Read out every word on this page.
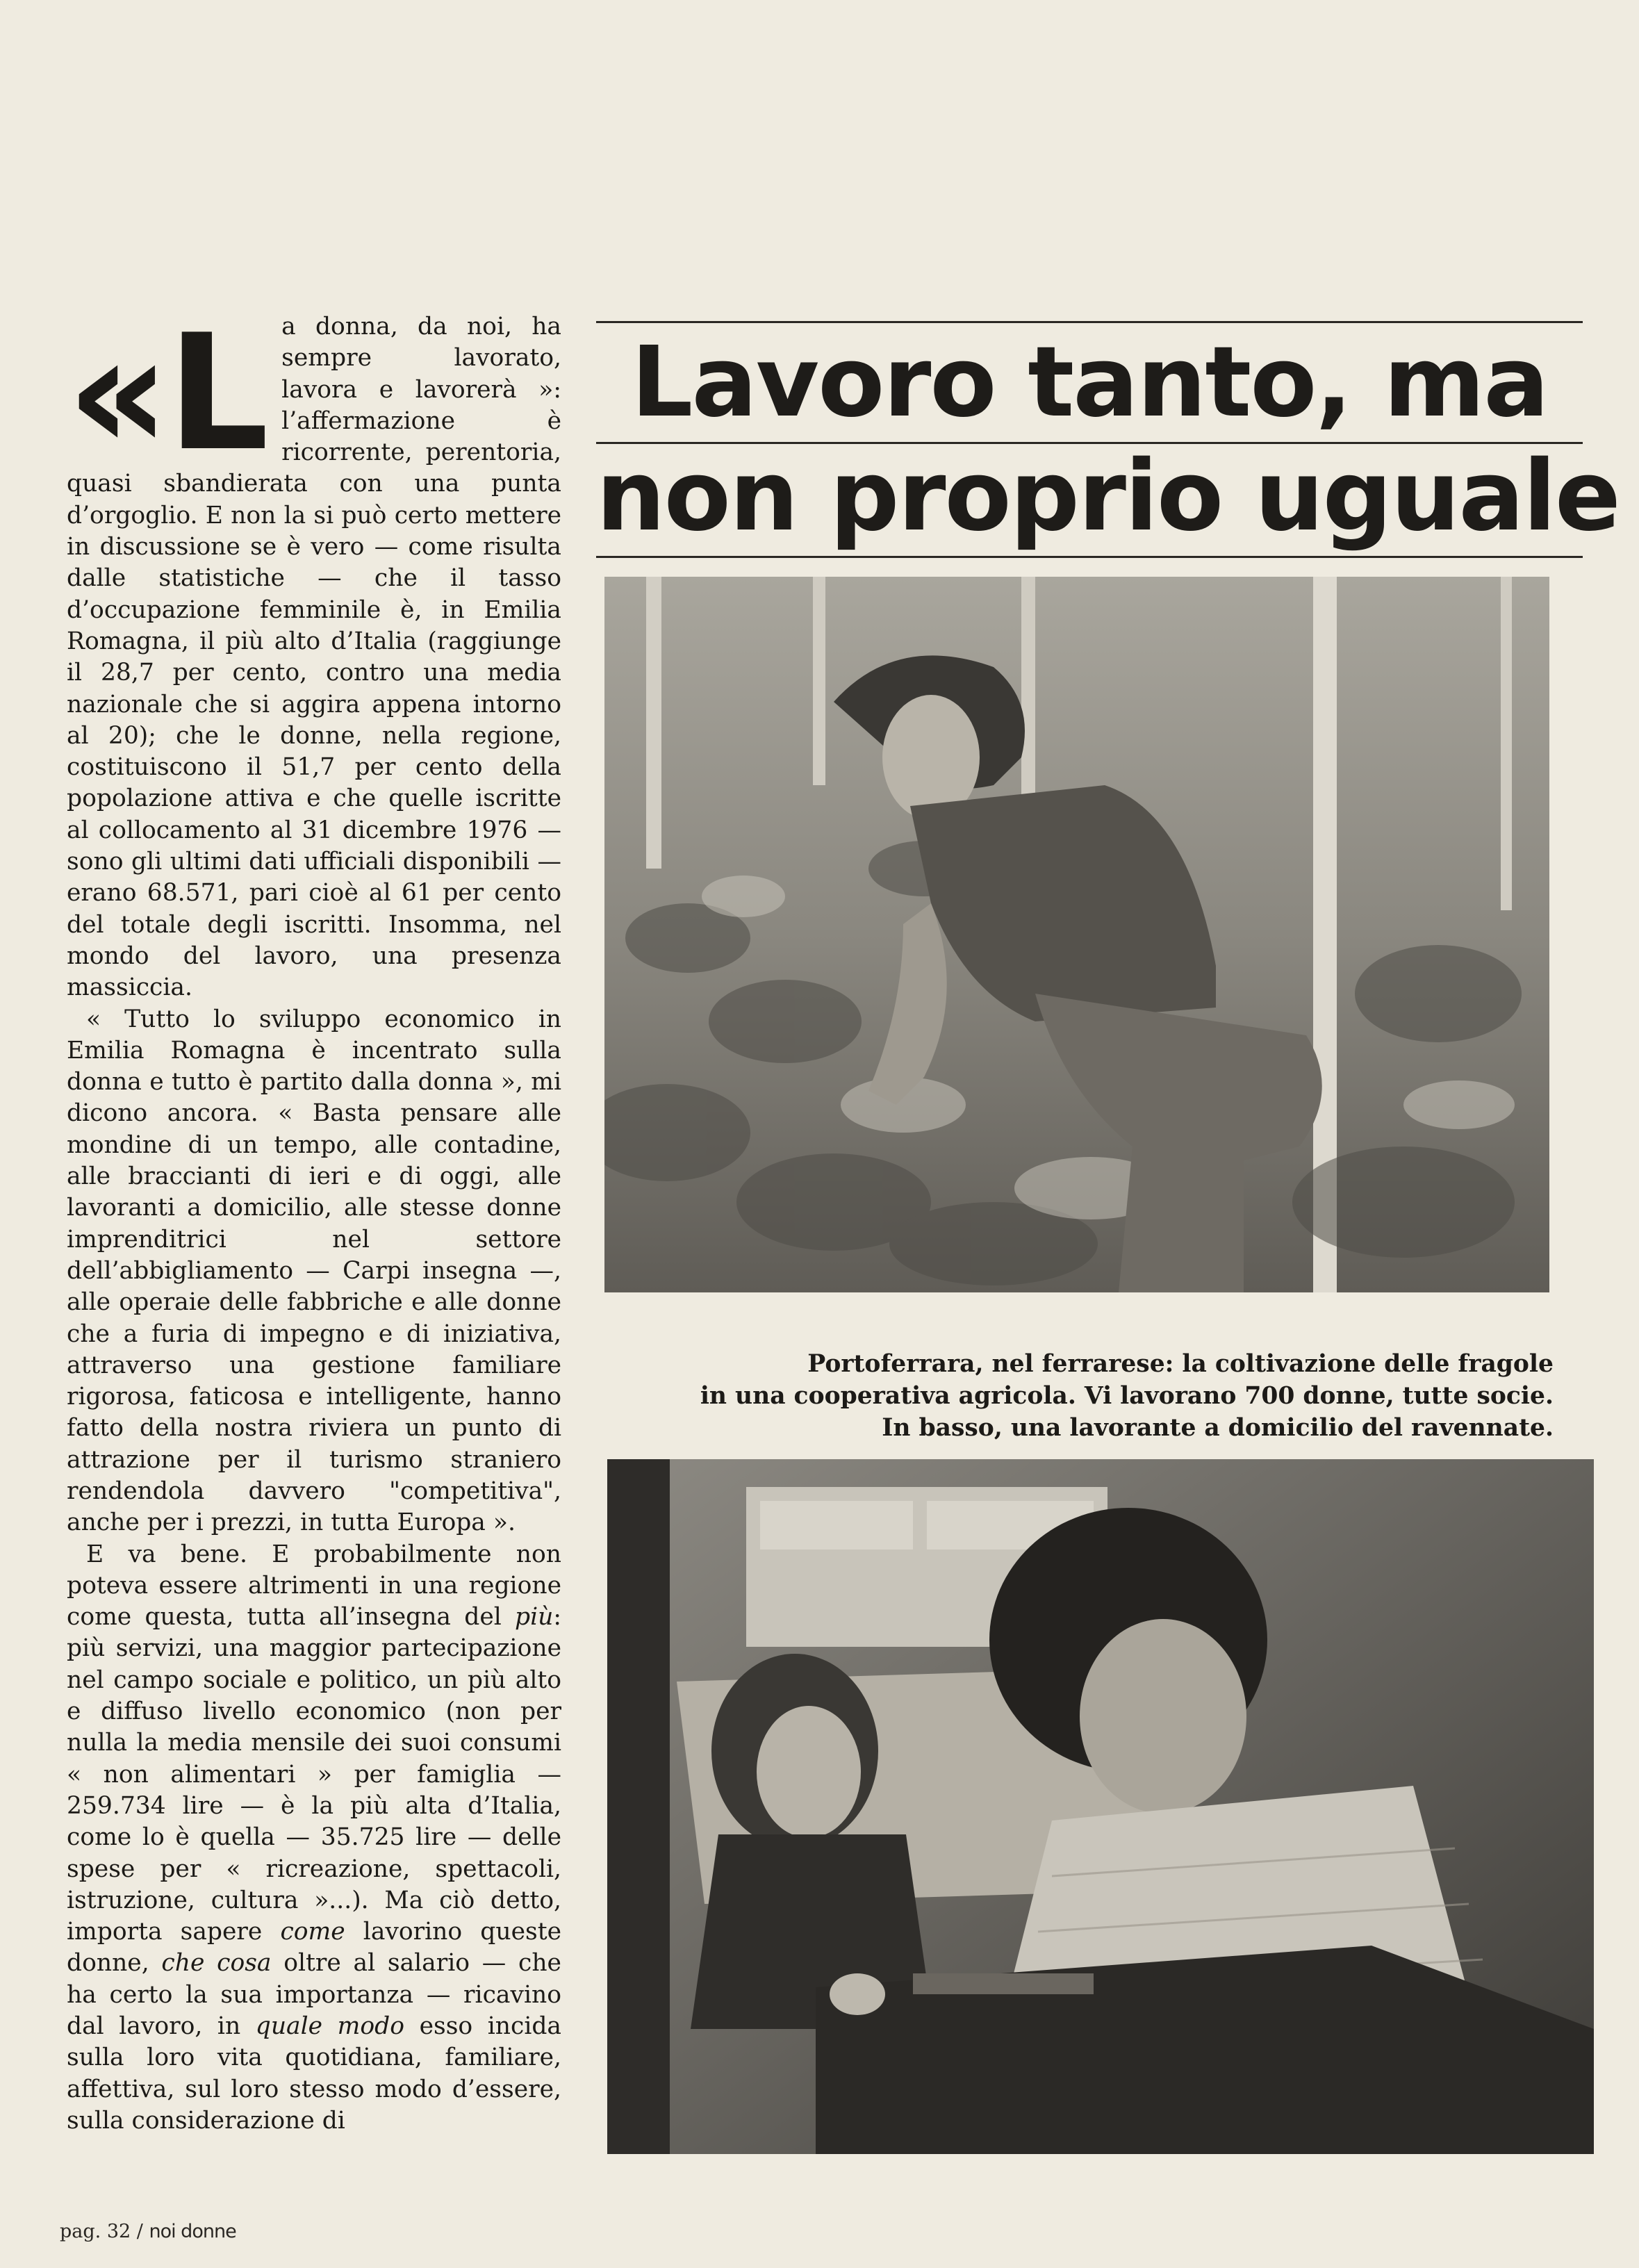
«L a donna, da noi, ha sempre lavorato, lavora e lavorerà »: l’affermazione è ricorrente, perentoria, quasi sbandierata con una punta d’orgoglio. E non la si può certo mettere in discussione se è vero — come risulta dalle statistiche — che il tasso d’occupazione femminile è, in Emilia Romagna, il più alto d’Italia (raggiunge il 28,7 per cento, contro una media nazionale che si aggira appena intorno al 20); che le donne, nella regione, costituiscono il 51,7 per cento della popolazione attiva e che quelle iscritte al collocamento al 31 dicembre 1976 — sono gli ultimi dati ufficiali disponibili — erano 68.571, pari cioè al 61 per cento del totale degli iscritti. Insomma, nel mondo del lavoro, una presenza massiccia.

« Tutto lo sviluppo economico in Emilia Romagna è incentrato sulla donna e tutto è partito dalla donna », mi dicono ancora. « Basta pensare alle mondine di un tempo, alle contadine, alle braccianti di ieri e di oggi, alle lavoranti a domicilio, alle stesse donne imprenditrici nel settore dell’abbigliamento — Carpi insegna —, alle operaie delle fabbriche e alle donne che a furia di impegno e di iniziativa, attraverso una gestione familiare rigorosa, faticosa e intelligente, hanno fatto della nostra riviera un punto di attrazione per il turismo straniero rendendola davvero "competitiva", anche per i prezzi, in tutta Europa ».

E va bene. E probabilmente non poteva essere altrimenti in una regione come questa, tutta all’insegna del più: più servizi, una maggior partecipazione nel campo sociale e politico, un più alto e diffuso livello economico (non per nulla la media mensile dei suoi consumi « non alimentari » per famiglia — 259.734 lire — è la più alta d’Italia, come lo è quella — 35.725 lire — delle spese per « ricreazione, spettacoli, istruzione, cultura »...). Ma ciò detto, importa sapere come lavorino queste donne, che cosa oltre al salario — che ha certo la sua importanza — ricavino dal lavoro, in quale modo esso incida sulla loro vita quotidiana, familiare, affettiva, sul loro stesso modo d’essere, sulla considerazione di

Lavoro tanto, ma
non proprio uguale
Portoferrara, nel ferrarese: la coltivazione delle fragole
in una cooperativa agricola. Vi lavorano 700 donne, tutte socie.
In basso, una lavorante a domicilio del ravennate.
pag. 32 / noi donne
